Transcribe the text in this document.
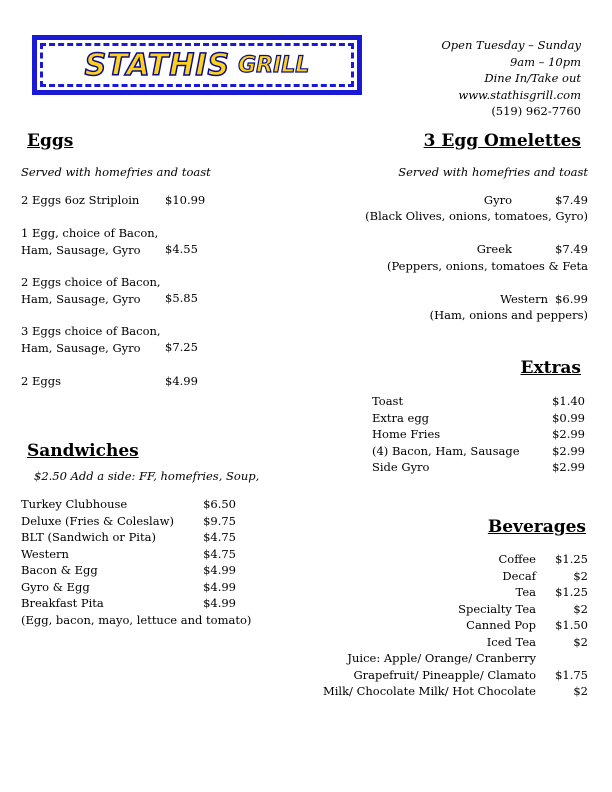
STATHIS GRILL
Open Tuesday – Sunday
9am – 10pm
Dine In/Take out
www.stathisgrill.com
(519) 962-7760
Eggs
Served with homefries and toast
2 Eggs 6oz Striploin $10.99
1 Egg, choice of Bacon,
Ham, Sausage, Gyro	$4.55
2 Eggs choice of Bacon,
Ham, Sausage, Gyro	$5.85
3 Eggs choice of Bacon,
Ham, Sausage, Gyro	$7.25
2 Eggs	$4.99
Sandwiches
$2.50 Add a side: FF, homefries, Soup,
Turkey Clubhouse	$6.50
Deluxe (Fries & Coleslaw)	$9.75
BLT (Sandwich or Pita)	$4.75
Western	$4.75
Bacon & Egg	$4.99
Gyro & Egg	$4.99
Breakfast Pita	$4.99
(Egg, bacon, mayo, lettuce and tomato)
3 Egg Omelettes
Served with homefries and toast
Gyro	$7.49
(Black Olives, onions, tomatoes, Gyro)
Greek	$7.49
(Peppers, onions, tomatoes & Feta
Western $6.99
(Ham, onions and peppers)
Extras
Toast	$1.40
Extra egg	$0.99
Home Fries	$2.99
(4) Bacon, Ham, Sausage	$2.99
Side Gyro	$2.99
Beverages
Coffee	$1.25
Decaf	$2
Tea	$1.25
Specialty Tea	$2
Canned Pop	$1.50
Iced Tea	$2
Juice: Apple/ Orange/ Cranberry
Grapefruit/ Pineapple/ Clamato	$1.75
Milk/ Chocolate Milk/ Hot Chocolate	$2
